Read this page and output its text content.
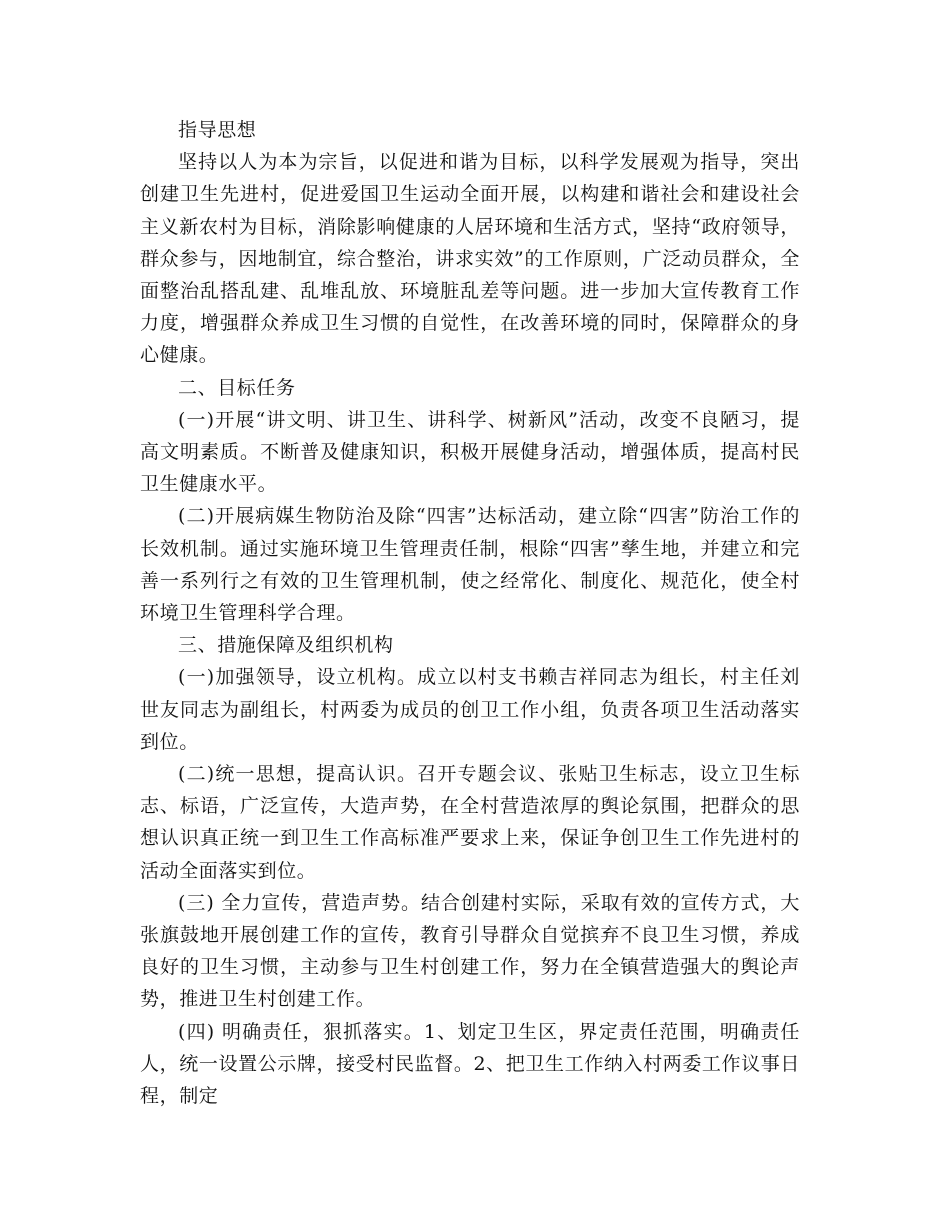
指导思想

坚持以人为本为宗旨，以促进和谐为目标，以科学发展观为指导，突出创建卫生先进村，促进爱国卫生运动全面开展，以构建和谐社会和建设社会主义新农村为目标，消除影响健康的人居环境和生活方式，坚持“政府领导，群众参与，因地制宜，综合整治，讲求实效”的工作原则，广泛动员群众，全面整治乱搭乱建、乱堆乱放、环境脏乱差等问题。进一步加大宣传教育工作力度，增强群众养成卫生习惯的自觉性，在改善环境的同时，保障群众的身心健康。

二、目标任务

(一)开展“讲文明、讲卫生、讲科学、树新风”活动，改变不良陋习，提高文明素质。不断普及健康知识，积极开展健身活动，增强体质，提高村民卫生健康水平。

(二)开展病媒生物防治及除“四害”达标活动，建立除“四害”防治工作的长效机制。通过实施环境卫生管理责任制，根除“四害”孳生地，并建立和完善一系列行之有效的卫生管理机制，使之经常化、制度化、规范化，使全村环境卫生管理科学合理。

三、措施保障及组织机构

(一)加强领导，设立机构。成立以村支书赖吉祥同志为组长，村主任刘世友同志为副组长，村两委为成员的创卫工作小组，负责各项卫生活动落实到位。

(二)统一思想，提高认识。召开专题会议、张贴卫生标志，设立卫生标志、标语，广泛宣传，大造声势，在全村营造浓厚的舆论氛围，把群众的思想认识真正统一到卫生工作高标准严要求上来，保证争创卫生工作先进村的活动全面落实到位。

(三) 全力宣传，营造声势。结合创建村实际，采取有效的宣传方式，大张旗鼓地开展创建工作的宣传，教育引导群众自觉摈弃不良卫生习惯，养成良好的卫生习惯，主动参与卫生村创建工作，努力在全镇营造强大的舆论声势，推进卫生村创建工作。

(四) 明确责任，狠抓落实。1、划定卫生区，界定责任范围，明确责任人，统一设置公示牌，接受村民监督。2、把卫生工作纳入村两委工作议事日程，制定
